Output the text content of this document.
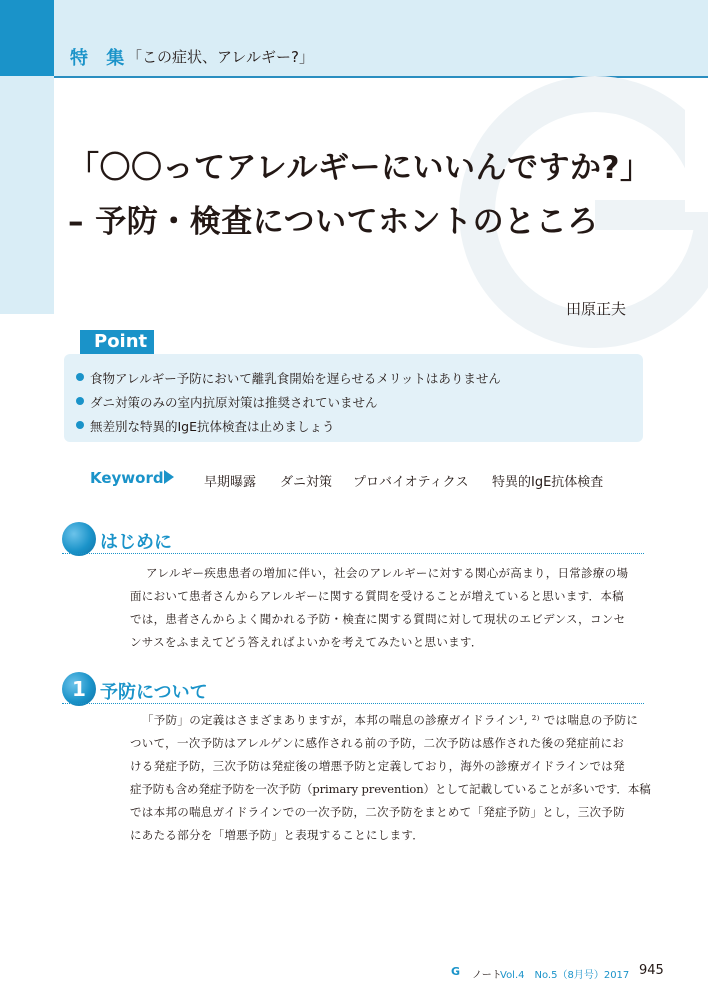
特 集
「この症状、アレルギー?」
「〇〇ってアレルギーにいいんですか?」
– 予防・検査についてホントのところ
田原正夫
Point
食物アレルギー予防において離乳食開始を遅らせるメリットはありません
ダニ対策のみの室内抗原対策は推奨されていません
無差別な特異的IgE抗体検査は止めましょう
Keyword	早期曝露 ダニ対策 プロバイオティクス 特異的IgE抗体検査
はじめに
アレルギー疾患患者の増加に伴い，社会のアレルギーに対する関心が高まり，日常診療の場
面において患者さんからアレルギーに関する質問を受けることが増えていると思います．本稿
では，患者さんからよく聞かれる予防・検査に関する質問に対して現状のエビデンス，コンセ
ンサスをふまえてどう答えればよいかを考えてみたいと思います．
1 予防について
「予防」の定義はさまざまありますが，本邦の喘息の診療ガイドライン¹, ²⁾ では喘息の予防に
ついて，一次予防はアレルゲンに感作される前の予防，二次予防は感作された後の発症前にお
ける発症予防，三次予防は発症後の増悪予防と定義しており，海外の診療ガイドラインでは発
症予防も含め発症予防を一次予防（primary prevention）として記載していることが多いです．本稿
では本邦の喘息ガイドラインでの一次予防，二次予防をまとめて「発症予防」とし，三次予防
にあたる部分を「増悪予防」と表現することにします．
G ノート
Vol.4　No.5（8月号）2017 945
